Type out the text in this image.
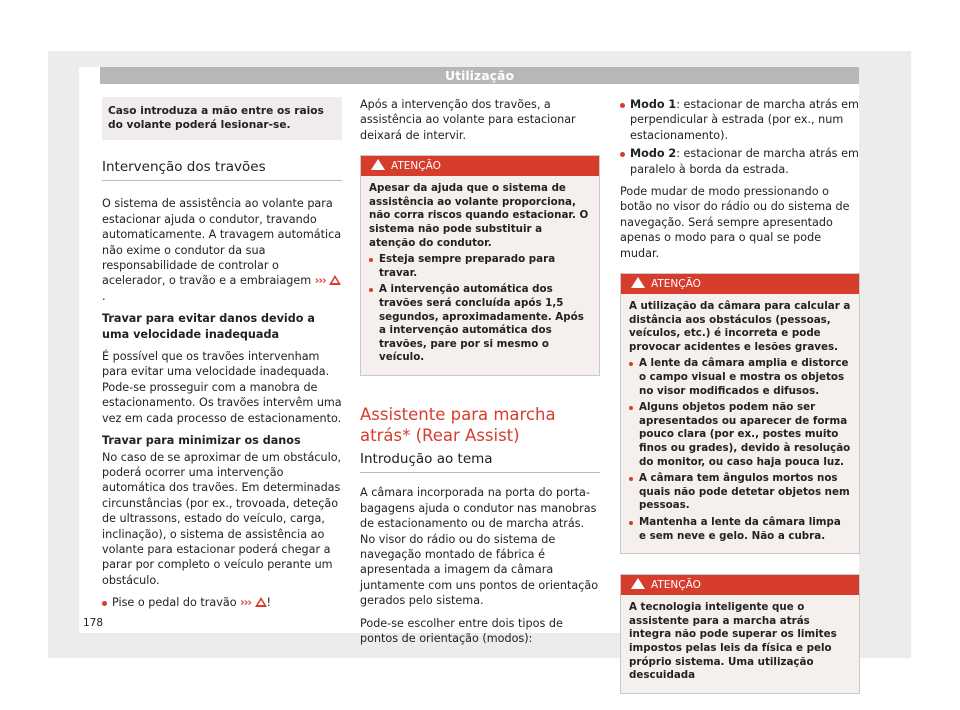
Utilização
Caso introduza a mão entre os raios do volante poderá lesionar-se.
Intervenção dos travões

O sistema de assistência ao volante para estacionar ajuda o condutor, travando automaticamente. A travagem automática não exime o condutor da sua responsabilidade de controlar o acelerador, o travão e a embraiagem ››› .

Travar para evitar danos devido a uma velocidade inadequada

É possível que os travões intervenham para evitar uma velocidade inadequada. Pode-se prosseguir com a manobra de estacionamento. Os travões intervêm uma vez em cada processo de estacionamento.

Travar para minimizar os danos

No caso de se aproximar de um obstáculo, poderá ocorrer uma intervenção automática dos travões. Em determinadas circunstâncias (por ex., trovoada, deteção de ultrassons, estado do veículo, carga, inclinação), o sistema de assistência ao volante para estacionar poderá chegar a parar por completo o veículo perante um obstáculo.

Pise o pedal do travão ››› !

Após a intervenção dos travões, a assistência ao volante para estacionar deixará de intervir.

ATENÇÃO

Apesar da ajuda que o sistema de assistência ao volante proporciona, não corra riscos quando estacionar. O sistema não pode substituir a atenção do condutor.

Esteja sempre preparado para travar.

A intervenção automática dos travões será concluída após 1,5 segundos, aproximadamente. Após a intervenção automática dos travões, pare por si mesmo o veículo.

Assistente para marcha atrás* (Rear Assist)
Introdução ao tema

A câmara incorporada na porta do porta-bagagens ajuda o condutor nas manobras de estacionamento ou de marcha atrás. No visor do rádio ou do sistema de navegação montado de fábrica é apresentada a imagem da câmara juntamente com uns pontos de orientação gerados pelo sistema.

Pode-se escolher entre dois tipos de pontos de orientação (modos):

Modo 1: estacionar de marcha atrás em perpendicular à estrada (por ex., num estacionamento).

Modo 2: estacionar de marcha atrás em paralelo à borda da estrada.

Pode mudar de modo pressionando o botão no visor do rádio ou do sistema de navegação. Será sempre apresentado apenas o modo para o qual se pode mudar.

ATENÇÃO

A utilização da câmara para calcular a distância aos obstáculos (pessoas, veículos, etc.) é incorreta e pode provocar acidentes e lesões graves.

A lente da câmara amplia e distorce o campo visual e mostra os objetos no visor modificados e difusos.

Alguns objetos podem não ser apresentados ou aparecer de forma pouco clara (por ex., postes muito finos ou grades), devido à resolução do monitor, ou caso haja pouca luz.

A câmara tem ângulos mortos nos quais não pode detetar objetos nem pessoas.

Mantenha a lente da câmara limpa e sem neve e gelo. Não a cubra.

ATENÇÃO

A tecnologia inteligente que o assistente para a marcha atrás integra não pode superar os limites impostos pelas leis da física e pelo próprio sistema. Uma utilização descuidada

178
